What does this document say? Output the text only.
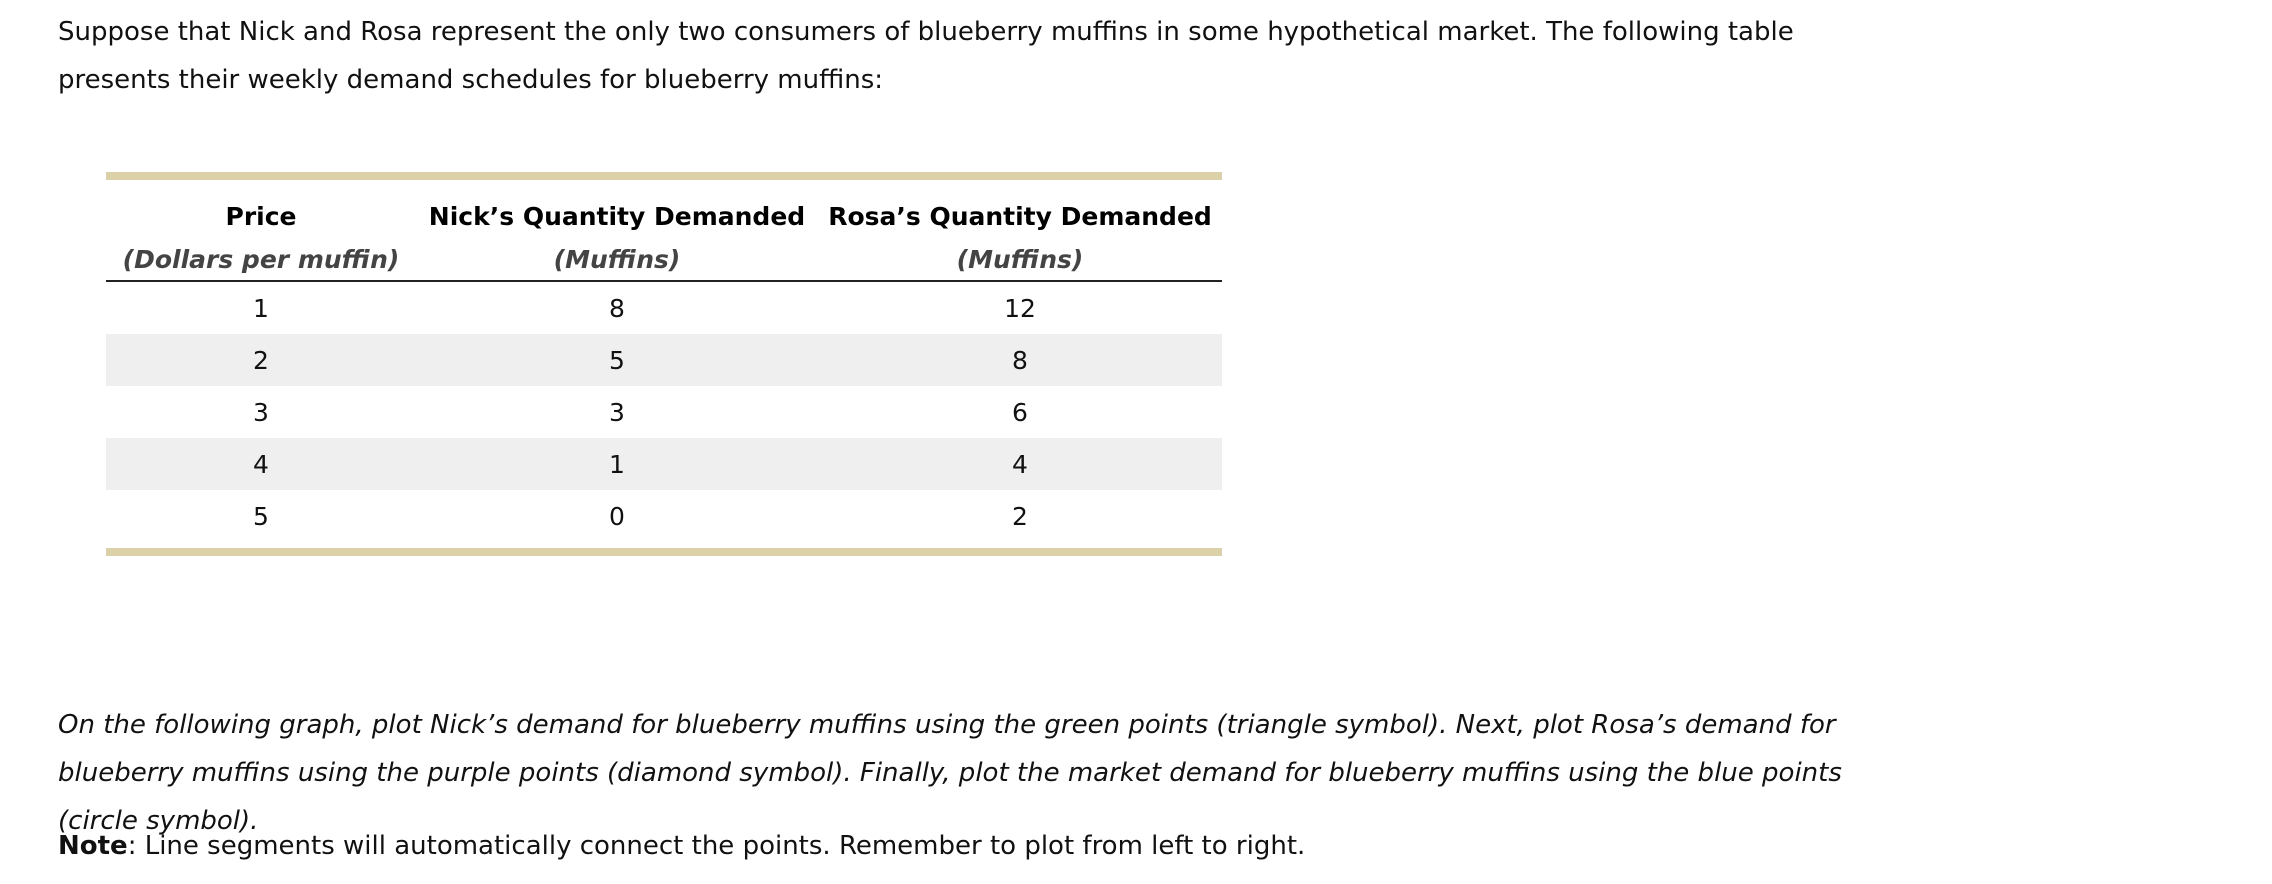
Suppose that Nick and Rosa represent the only two consumers of blueberry muffins in some hypothetical market. The following table presents their weekly demand schedules for blueberry muffins:

Price	Nick’s Quantity Demanded	Rosa’s Quantity Demanded
(Dollars per muffin)	(Muffins)	(Muffins)
1	8	12
2	5	8
3	3	6
4	1	4
5	0	2

On the following graph, plot Nick’s demand for blueberry muffins using the green points (triangle symbol). Next, plot Rosa’s demand for blueberry muffins using the purple points (diamond symbol). Finally, plot the market demand for blueberry muffins using the blue points (circle symbol).

Note: Line segments will automatically connect the points. Remember to plot from left to right.
